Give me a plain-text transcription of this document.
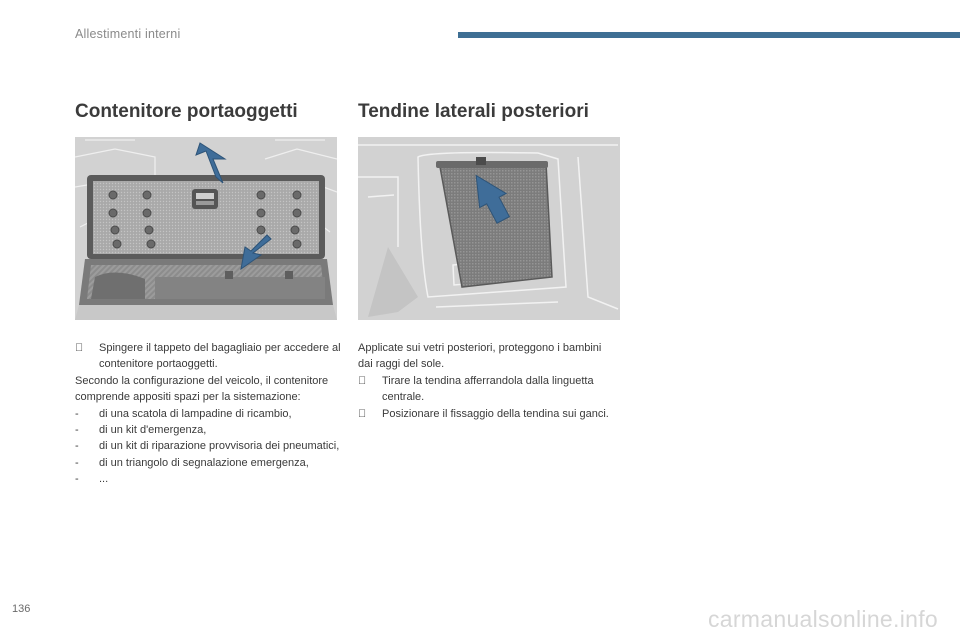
Allestimenti interni
Contenitore portaoggetti	Tendine laterali posteriori

Spingere il tappeto del bagagliaio per accedere al contenitore portaoggetti.

Secondo la configurazione del veicolo, il contenitore comprende appositi spazi per la sistemazione:

-	di una scatola di lampadine di ricambio,

-	di un kit d'emergenza,

-	di un kit di riparazione provvisoria dei pneumatici,

-	di un triangolo di segnalazione emergenza,

-	...

Applicate sui vetri posteriori, proteggono i bambini dai raggi del sole.

Tirare la tendina afferrandola dalla linguetta centrale.

Posizionare il fissaggio della tendina sui ganci.

136	carmanualsonline.info
